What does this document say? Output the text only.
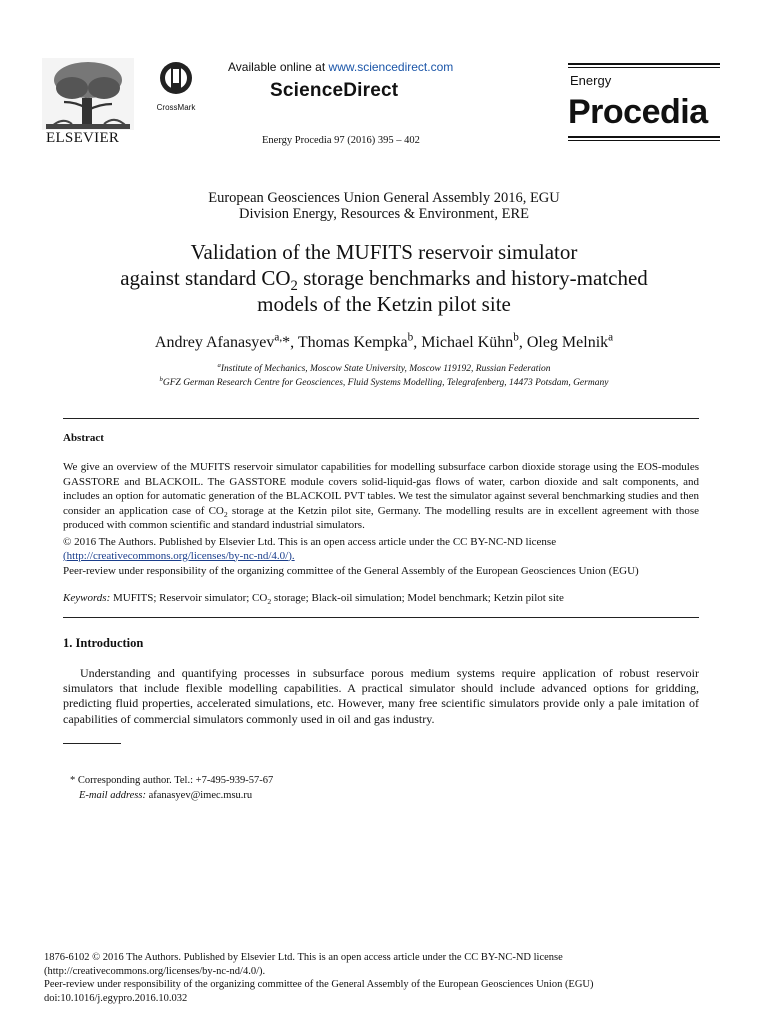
ELSEVIER
CrossMark
Available online at www.sciencedirect.com
ScienceDirect
Energy Procedia 97 (2016) 395 – 402
Energy
Procedia
European Geosciences Union General Assembly 2016, EGU
Division Energy, Resources & Environment, ERE
Validation of the MUFITS reservoir simulator
against standard $CO_2$ storage benchmarks and history-matched
models of the Ketzin pilot site
Andrey Afanasyev$^{a,}$*, Thomas Kempka$^b$, Michael Kühn$^b$, Oleg Melnik$^a$
$^a$Institute of Mechanics, Moscow State University, Moscow 119192, Russian Federation
$^b$GFZ German Research Centre for Geosciences, Fluid Systems Modelling, Telegrafenberg, 14473 Potsdam, Germany
Abstract
We give an overview of the MUFITS reservoir simulator capabilities for modelling subsurface carbon dioxide storage using the EOS-modules GASSTORE and BLACKOIL. The GASSTORE module covers solid-liquid-gas flows of water, carbon dioxide and salt components, and includes an option for automatic generation of the BLACKOIL PVT tables. We test the simulator against several benchmarking studies and then consider an application case of $CO_2$ storage at the Ketzin pilot site, Germany. The modelling results are in excellent agreement with those produced with common scientific and standard industrial simulators.
© 2016 The Authors. Published by Elsevier Ltd. This is an open access article under the CC BY-NC-ND license
(http://creativecommons.org/licenses/by-nc-nd/4.0/).
Peer-review under responsibility of the organizing committee of the General Assembly of the European Geosciences Union (EGU)
Keywords: MUFITS; Reservoir simulator; $CO_2$ storage; Black-oil simulation; Model benchmark; Ketzin pilot site
1. Introduction
Understanding and quantifying processes in subsurface porous medium systems require application of robust reservoir simulators that include flexible modelling capabilities. A practical simulator should include advanced options for gridding, predicting fluid properties, accelerated simulations, etc. However, many free scientific simulators provide only a pale imitation of capabilities of commercial simulators commonly used in oil and gas industry.
* Corresponding author. Tel.: +7-495-939-57-67
E-mail address: afanasyev@imec.msu.ru
1876-6102 © 2016 The Authors. Published by Elsevier Ltd. This is an open access article under the CC BY-NC-ND license
(http://creativecommons.org/licenses/by-nc-nd/4.0/).
Peer-review under responsibility of the organizing committee of the General Assembly of the European Geosciences Union (EGU)
doi:10.1016/j.egypro.2016.10.032
